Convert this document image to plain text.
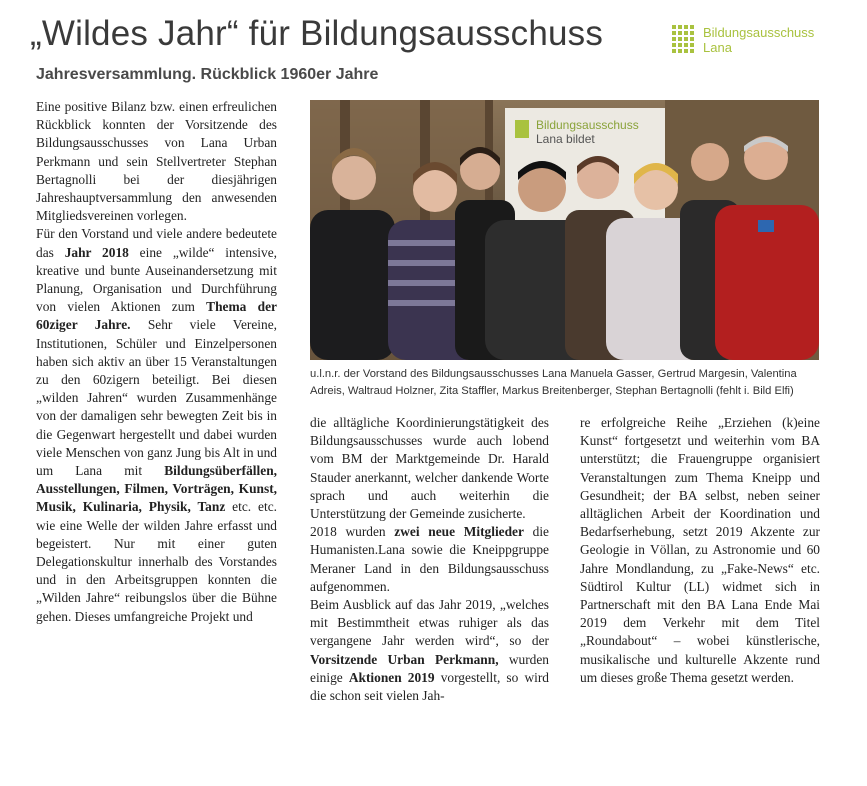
„Wildes Jahr“ für Bildungsausschuss
Jahresversammlung. Rückblick 1960er Jahre
Bildungsausschuss
Lana

Eine positive Bilanz bzw. einen erfreulichen Rückblick konnten der Vorsitzende des Bildungsausschusses von Lana Urban Perkmann und sein Stellvertreter Stephan Bertagnolli bei der diesjährigen Jahreshauptversammlung den anwesenden Mitgliedsvereinen vorlegen.

Für den Vorstand und viele andere bedeutete das Jahr 2018 eine „wilde“ intensive, kreative und bunte Auseinandersetzung mit Planung, Organisation und Durchführung von vielen Aktionen zum Thema der 60ziger Jahre. Sehr viele Vereine, Institutionen, Schüler und Einzelpersonen haben sich aktiv an über 15 Veranstaltungen zu den 60zigern beteiligt. Bei diesen „wilden Jahren“ wurden Zusammenhänge von der damaligen sehr bewegten Zeit bis in die Gegenwart hergestellt und dabei wurden viele Menschen von ganz Jung bis Alt in und um Lana mit Bildungsüberfällen, Ausstellungen, Filmen, Vorträgen, Kunst, Musik, Kulinaria, Physik, Tanz etc. etc. wie eine Welle der wilden Jahre erfasst und begeistert. Nur mit einer guten Delegationskultur innerhalb des Vorstandes und in den Arbeitsgruppen konnten die „Wilden Jahre“ reibungslos über die Bühne gehen. Dieses umfangreiche Projekt und

Bildungsausschuss
Lana bildet
u.l.n.r. der Vorstand des Bildungsausschusses Lana Manuela Gasser, Gertrud Margesin, Valentina
Adreis, Waltraud Holzner, Zita Staffler, Markus Breitenberger, Stephan Bertagnolli (fehlt i. Bild Elfi)

die alltägliche Koordinierungstätigkeit des Bildungsausschusses wurde auch lobend vom BM der Marktgemeinde Dr. Harald Stauder anerkannt, welcher dankende Worte sprach und auch weiterhin die Unterstützung der Gemeinde zusicherte.

2018 wurden zwei neue Mitglieder die Humanisten.Lana sowie die Kneippgruppe Meraner Land in den Bildungsausschuss aufgenommen.

Beim Ausblick auf das Jahr 2019, „welches mit Bestimmtheit etwas ruhiger als das vergangene Jahr werden wird“, so der Vorsitzende Urban Perkmann, wurden einige Aktionen 2019 vorgestellt, so wird die schon seit vielen Jah-

re erfolgreiche Reihe „Erziehen (k)eine Kunst“ fortgesetzt und weiterhin vom BA unterstützt; die Frauengruppe organisiert Veranstaltungen zum Thema Kneipp und Gesundheit; der BA selbst, neben seiner alltäglichen Arbeit der Koordination und Bedarfserhebung, setzt 2019 Akzente zur Geologie in Völlan, zu Astronomie und 60 Jahre Mondlandung, zu „Fake-News“ etc. Südtirol Kultur (LL) widmet sich in Partnerschaft mit den BA Lana Ende Mai 2019 dem Verkehr mit dem Titel „Roundabout“ – wobei künstlerische, musikalische und kulturelle Akzente rund um dieses große Thema gesetzt werden.
